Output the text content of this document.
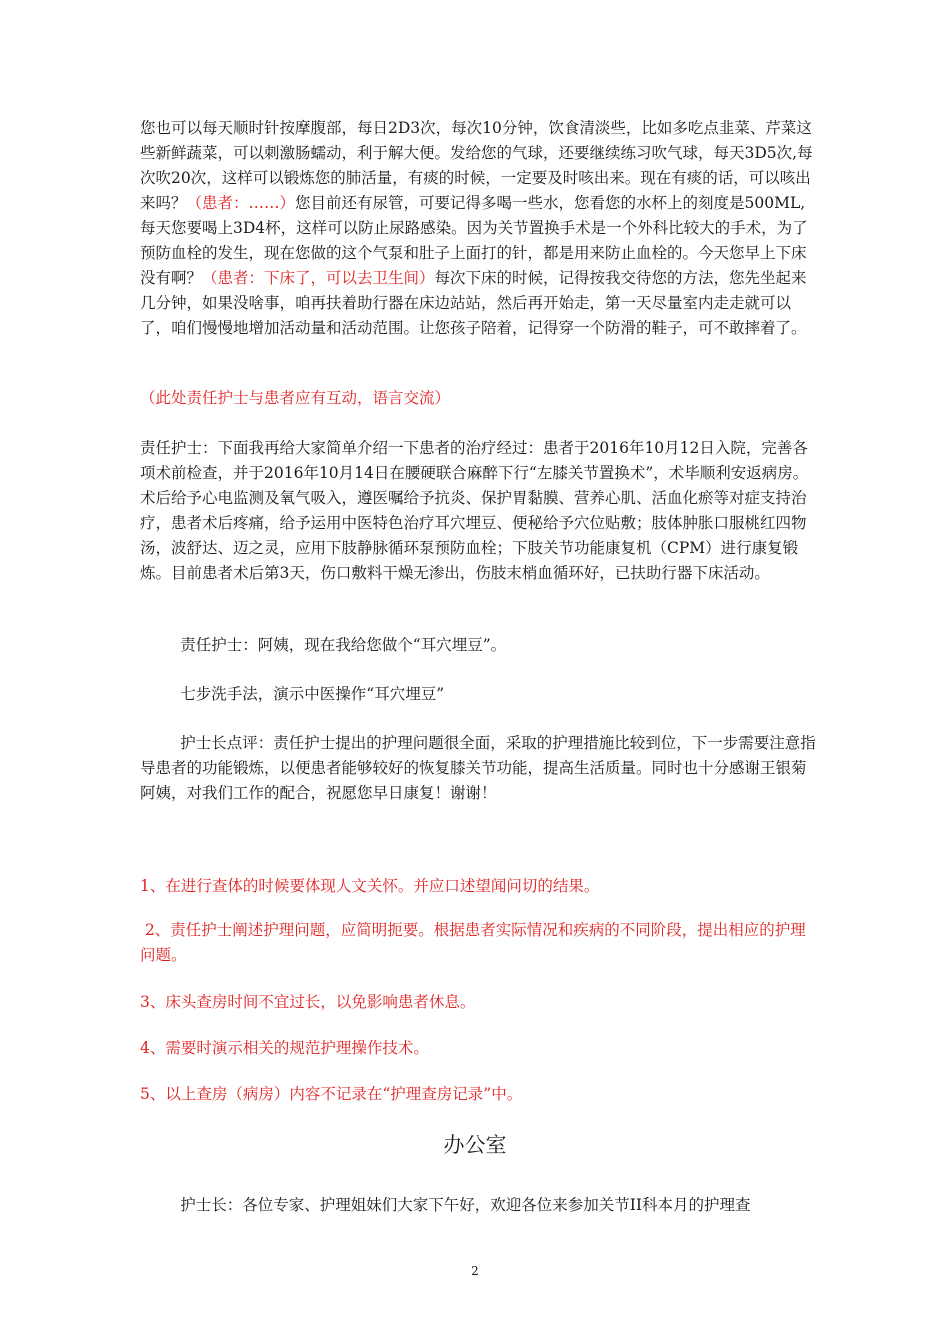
您也可以每天顺时针按摩腹部，每日2D3次，每次10分钟，饮食清淡些，比如多吃点韭菜、芹菜这些新鲜蔬菜，可以刺激肠蠕动，利于解大便。发给您的气球，还要继续练习吹气球，每天3D5次,每次吹20次，这样可以锻炼您的肺活量，有痰的时候，一定要及时咳出来。现在有痰的话，可以咳出来吗？（患者：……）您目前还有尿管，可要记得多喝一些水，您看您的水杯上的刻度是500ML,每天您要喝上3D4杯，这样可以防止尿路感染。因为关节置换手术是一个外科比较大的手术，为了预防血栓的发生，现在您做的这个气泵和肚子上面打的针，都是用来防止血栓的。今天您早上下床没有啊？（患者：下床了，可以去卫生间）每次下床的时候，记得按我交待您的方法，您先坐起来几分钟，如果没啥事，咱再扶着助行器在床边站站，然后再开始走，第一天尽量室内走走就可以了，咱们慢慢地增加活动量和活动范围。让您孩子陪着，记得穿一个防滑的鞋子，可不敢摔着了。

（此处责任护士与患者应有互动，语言交流）

责任护士：下面我再给大家简单介绍一下患者的治疗经过：患者于2016年10月12日入院，完善各项术前检查，并于2016年10月14日在腰硬联合麻醉下行“左膝关节置换术”，术毕顺利安返病房。术后给予心电监测及氧气吸入，遵医嘱给予抗炎、保护胃黏膜、营养心肌、活血化瘀等对症支持治疗，患者术后疼痛，给予运用中医特色治疗耳穴埋豆、便秘给予穴位贴敷；肢体肿胀口服桃红四物汤，波舒达、迈之灵，应用下肢静脉循环泵预防血栓；下肢关节功能康复机（CPM）进行康复锻炼。目前患者术后第3天，伤口敷料干燥无渗出，伤肢末梢血循环好，已扶助行器下床活动。

责任护士：阿姨，现在我给您做个“耳穴埋豆”。

七步洗手法，演示中医操作“耳穴埋豆”

护士长点评：责任护士提出的护理问题很全面，采取的护理措施比较到位，下一步需要注意指导患者的功能锻炼，以便患者能够较好的恢复膝关节功能，提高生活质量。同时也十分感谢王银菊阿姨，对我们工作的配合，祝愿您早日康复！谢谢！

1、在进行查体的时候要体现人文关怀。并应口述望闻问切的结果。

2、责任护士阐述护理问题，应简明扼要。根据患者实际情况和疾病的不同阶段，提出相应的护理问题。

3、床头查房时间不宜过长，以免影响患者休息。

4、需要时演示相关的规范护理操作技术。

5、以上查房（病房）内容不记录在“护理查房记录”中。

办公室

护士长：各位专家、护理姐妹们大家下午好，欢迎各位来参加关节II科本月的护理查

2
